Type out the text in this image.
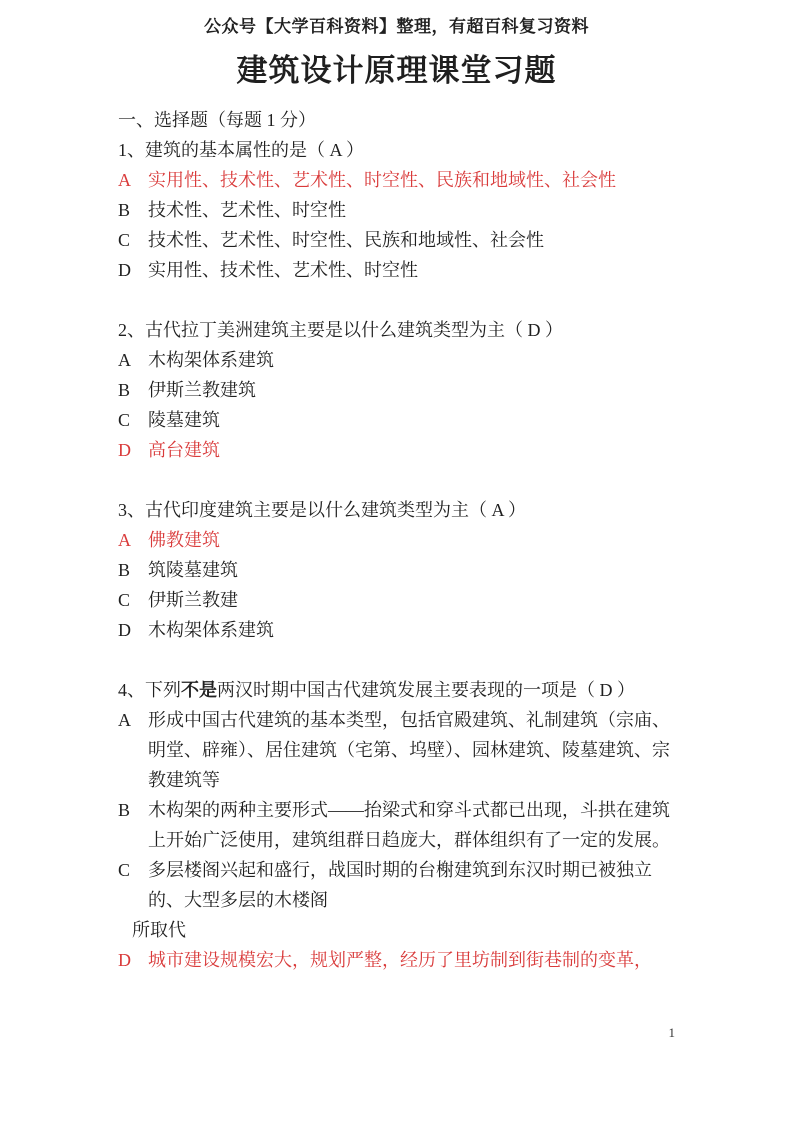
公众号【大学百科资料】整理，有超百科复习资料
建筑设计原理课堂习题
一、选择题（每题 1 分）
1、建筑的基本属性的是（ A ）
A 实用性、技术性、艺术性、时空性、民族和地域性、社会性
B 技术性、艺术性、时空性
C 技术性、艺术性、时空性、民族和地域性、社会性
D 实用性、技术性、艺术性、时空性
2、古代拉丁美洲建筑主要是以什么建筑类型为主（ D ）
A 木构架体系建筑
B 伊斯兰教建筑
C 陵墓建筑
D 高台建筑
3、古代印度建筑主要是以什么建筑类型为主（ A ）
A 佛教建筑
B 筑陵墓建筑
C 伊斯兰教建
D 木构架体系建筑
4、下列不是两汉时期中国古代建筑发展主要表现的一项是（ D ）
A 形成中国古代建筑的基本类型，包括官殿建筑、礼制建筑（宗庙、明堂、辟雍）、居住建筑（宅第、坞壁）、园林建筑、陵墓建筑、宗教建筑等
B 木构架的两种主要形式——抬梁式和穿斗式都已出现，斗拱在建筑上开始广泛使用，建筑组群日趋庞大，群体组织有了一定的发展。
C 多层楼阁兴起和盛行，战国时期的台榭建筑到东汉时期已被独立的、大型多层的木楼阁
所取代
D 城市建设规模宏大，规划严整，经历了里坊制到街巷制的变革，
1
